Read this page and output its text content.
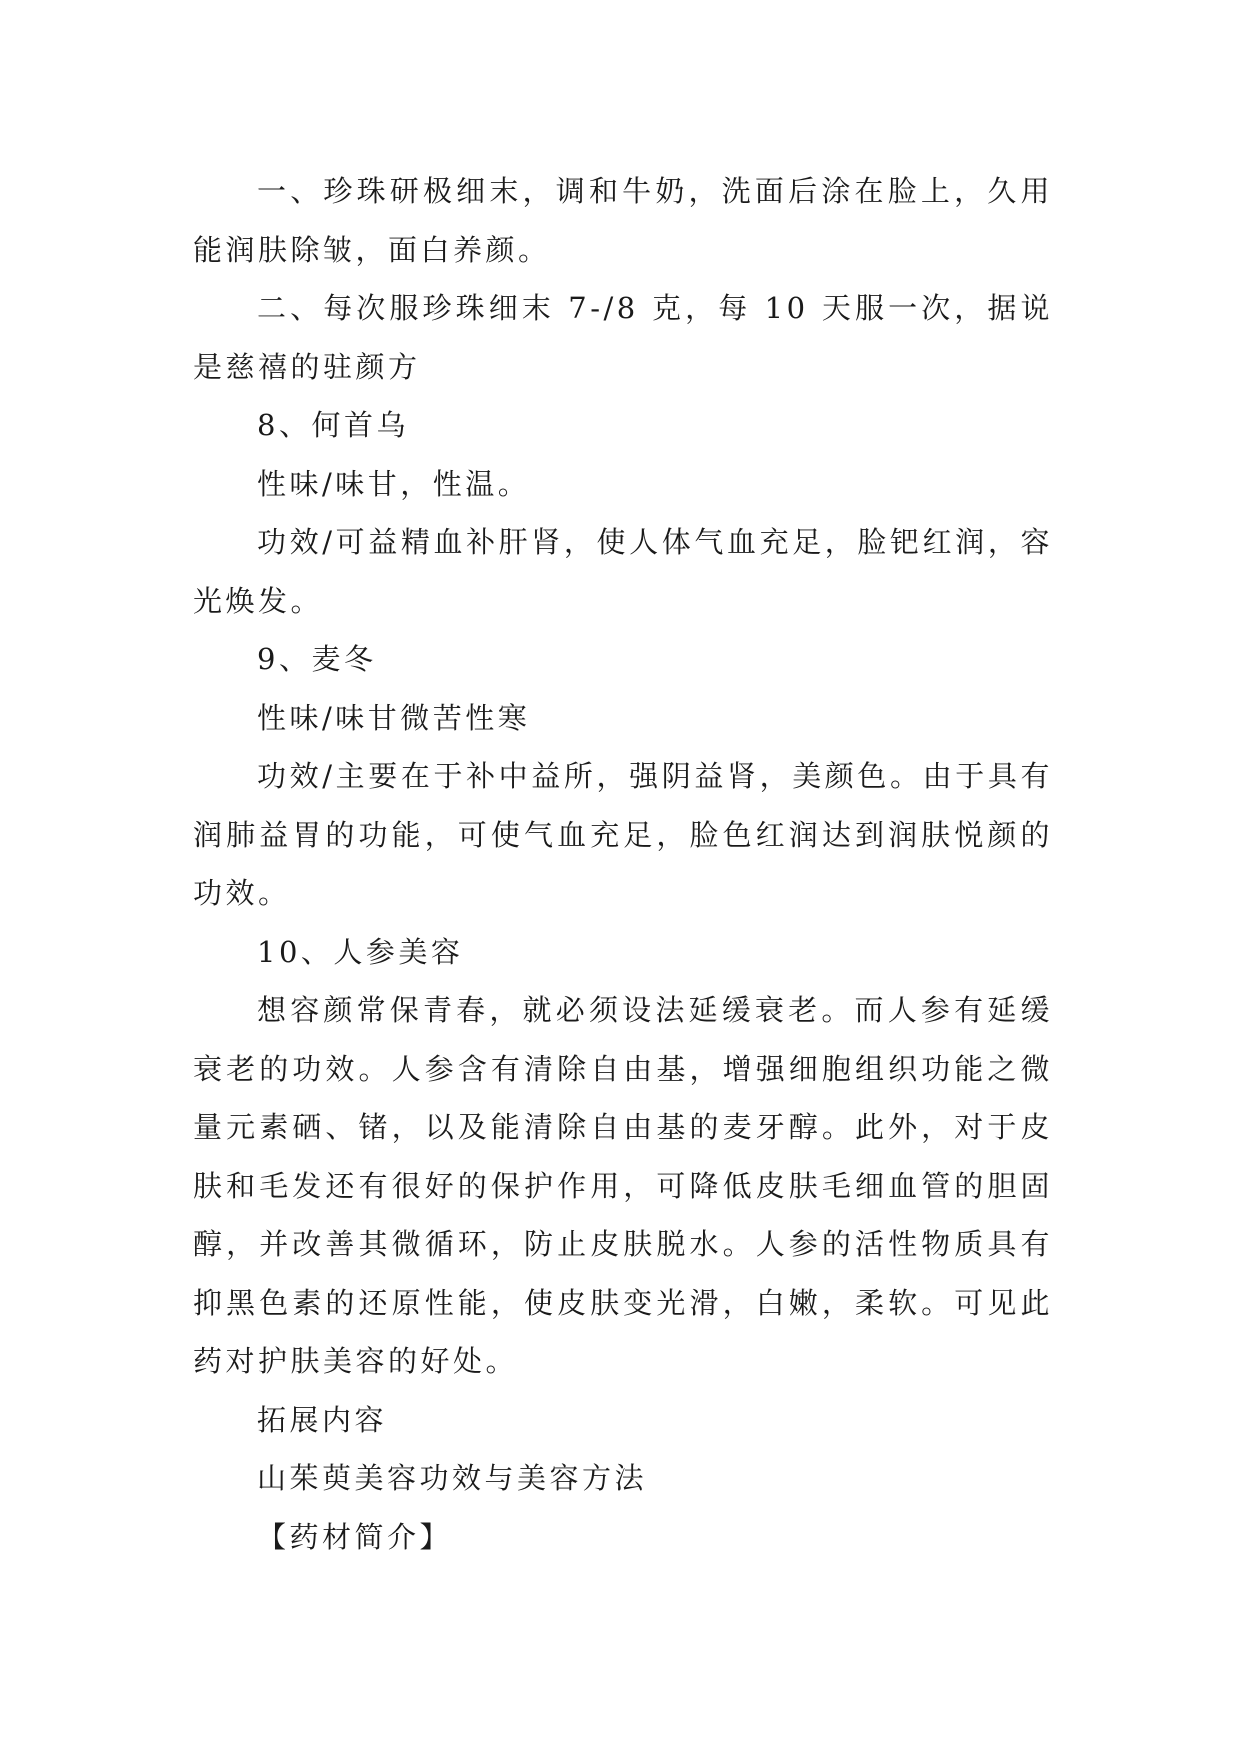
一、珍珠研极细末，调和牛奶，洗面后涂在脸上，久用能润肤除皱，面白养颜。

二、每次服珍珠细末 7-/8 克，每 10 天服一次，据说是慈禧的驻颜方

8、何首乌

性味/味甘，性温。

功效/可益精血补肝肾，使人体气血充足，脸钯红润，容光焕发。

9、麦冬

性味/味甘微苦性寒

功效/主要在于补中益所，强阴益肾，美颜色。由于具有润肺益胃的功能，可使气血充足，脸色红润达到润肤悦颜的功效。

10、人参美容

想容颜常保青春，就必须设法延缓衰老。而人参有延缓衰老的功效。人参含有清除自由基，增强细胞组织功能之微量元素硒、锗，以及能清除自由基的麦牙醇。此外，对于皮肤和毛发还有很好的保护作用，可降低皮肤毛细血管的胆固醇，并改善其微循环，防止皮肤脱水。人参的活性物质具有抑黑色素的还原性能，使皮肤变光滑，白嫩，柔软。可见此药对护肤美容的好处。

拓展内容

山茱萸美容功效与美容方法

【药材简介】
